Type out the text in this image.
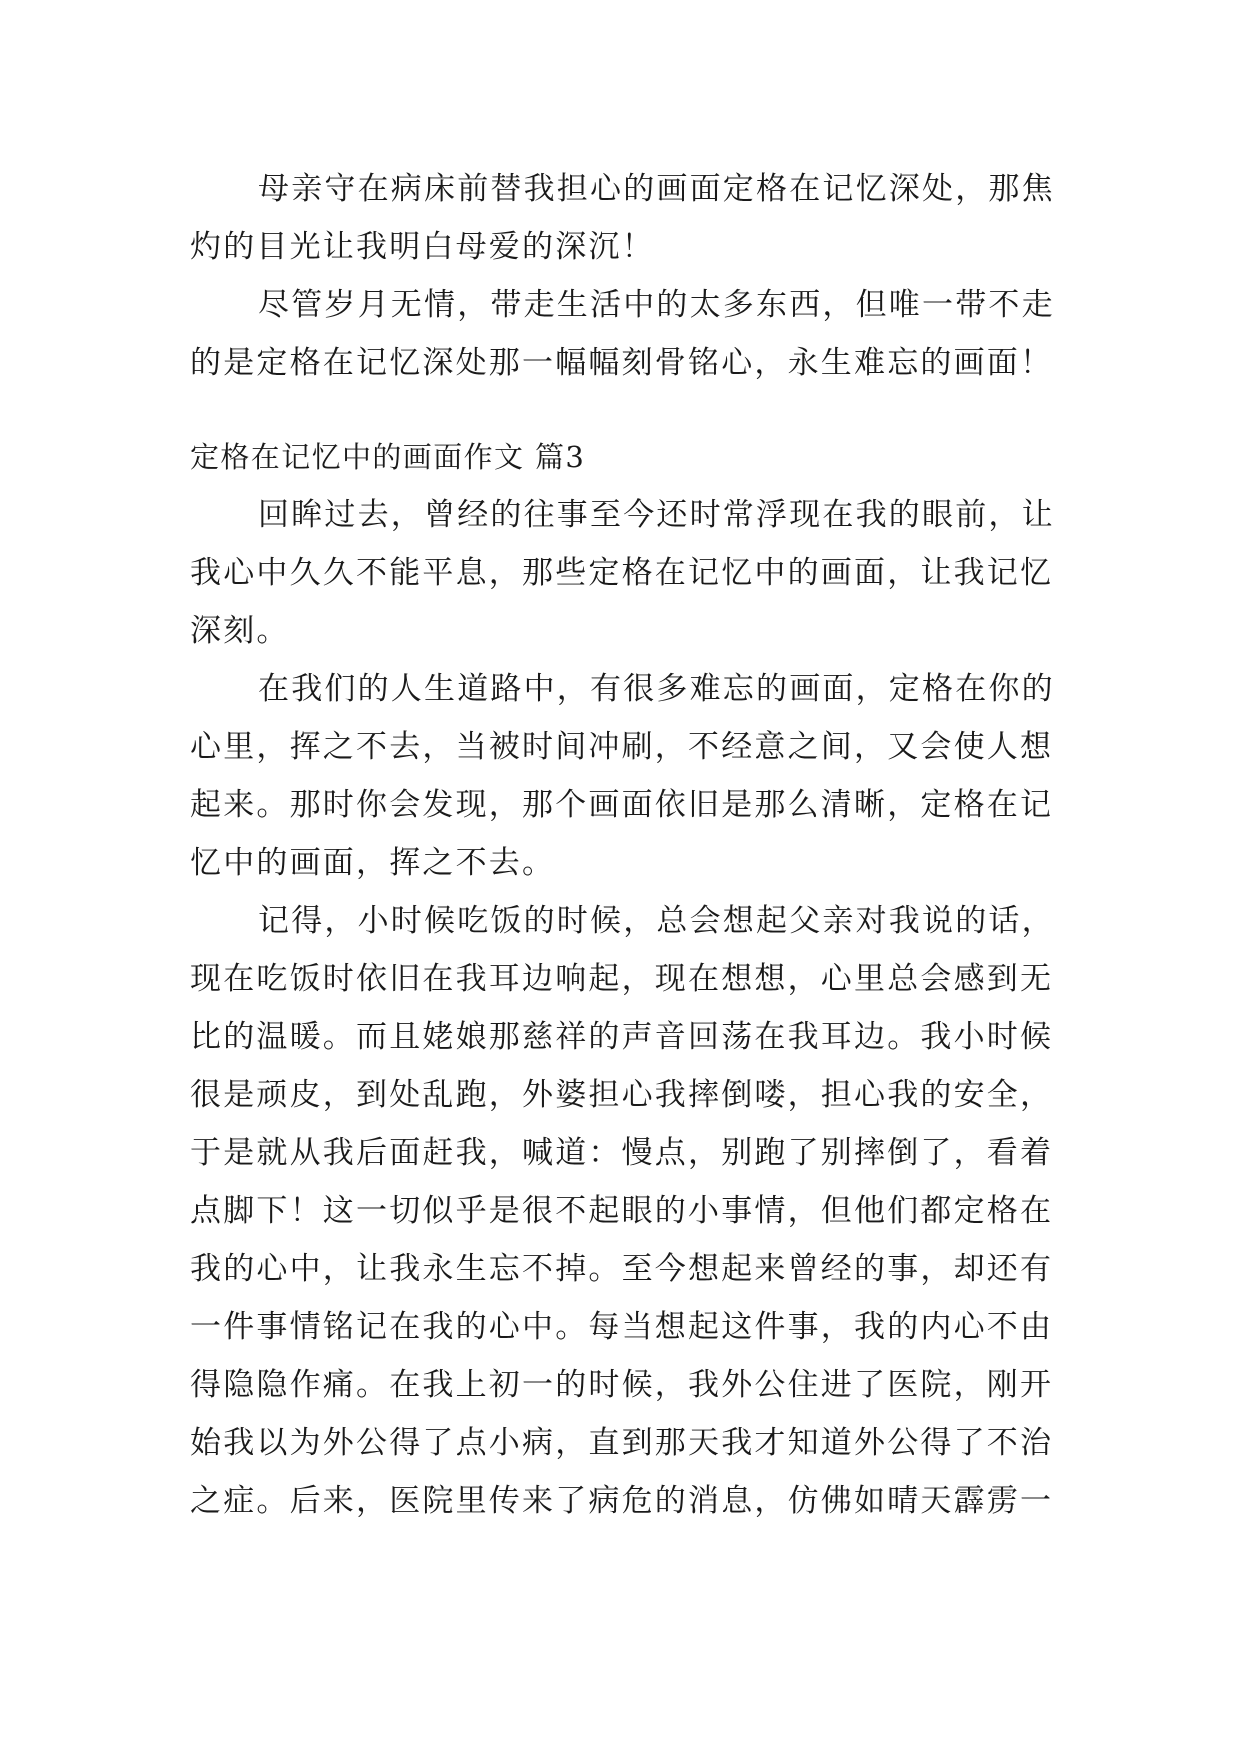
母亲守在病床前替我担心的画面定格在记忆深处，那焦
灼的目光让我明白母爱的深沉！
尽管岁月无情，带走生活中的太多东西，但唯一带不走
的是定格在记忆深处那一幅幅刻骨铭心，永生难忘的画面！
定格在记忆中的画面作文 篇3
回眸过去，曾经的往事至今还时常浮现在我的眼前，让
我心中久久不能平息，那些定格在记忆中的画面，让我记忆
深刻。
在我们的人生道路中，有很多难忘的画面，定格在你的
心里，挥之不去，当被时间冲刷，不经意之间，又会使人想
起来。那时你会发现，那个画面依旧是那么清晰，定格在记
忆中的画面，挥之不去。
记得，小时候吃饭的时候，总会想起父亲对我说的话，
现在吃饭时依旧在我耳边响起，现在想想，心里总会感到无
比的温暖。而且姥娘那慈祥的声音回荡在我耳边。我小时候
很是顽皮，到处乱跑，外婆担心我摔倒喽，担心我的安全，
于是就从我后面赶我，喊道：慢点，别跑了别摔倒了，看着
点脚下！这一切似乎是很不起眼的小事情，但他们都定格在
我的心中，让我永生忘不掉。至今想起来曾经的事，却还有
一件事情铭记在我的心中。每当想起这件事，我的内心不由
得隐隐作痛。在我上初一的时候，我外公住进了医院，刚开
始我以为外公得了点小病，直到那天我才知道外公得了不治
之症。后来，医院里传来了病危的消息，仿佛如晴天霹雳一
